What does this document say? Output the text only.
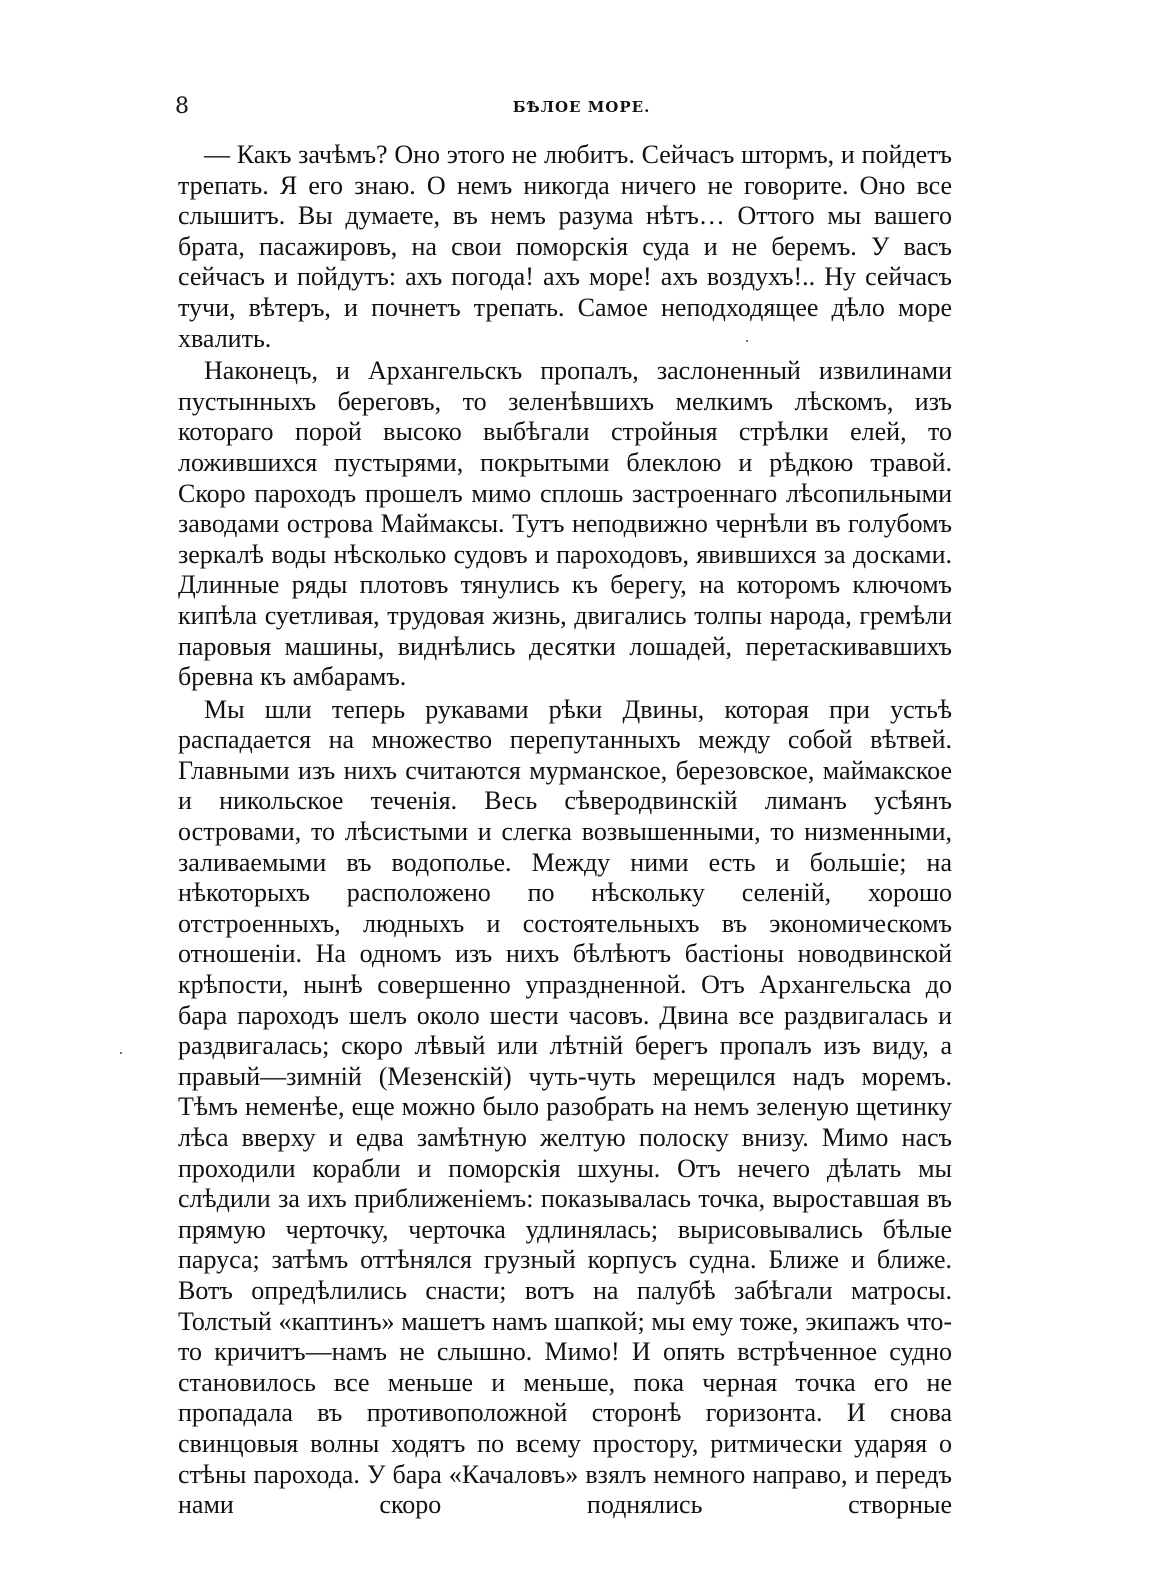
8	БѢЛОЕ МОРЕ.

— Какъ зачѣмъ? Оно этого не любитъ. Сейчасъ штормъ, и пойдетъ трепать. Я его знаю. О немъ никогда ничего не говорите. Оно все слышитъ. Вы думаете, въ немъ разума нѣтъ… Оттого мы вашего брата, пасажировъ, на свои поморскія суда и не беремъ. У васъ сейчасъ и пойдутъ: ахъ погода! ахъ море! ахъ воздухъ!.. Ну сейчасъ тучи, вѣтеръ, и почнетъ трепать. Самое неподходящее дѣло море хвалить.

Наконецъ, и Архангельскъ пропалъ, заслоненный извилинами пустынныхъ береговъ, то зеленѣвшихъ мелкимъ лѣскомъ, изъ котораго порой высоко выбѣгали стройныя стрѣлки елей, то ложившихся пустырями, покрытыми блеклою и рѣдкою травой. Скоро пароходъ прошелъ мимо сплошь застроеннаго лѣсопильными заводами острова Маймаксы. Тутъ неподвижно чернѣли въ голубомъ зеркалѣ воды нѣсколько судовъ и пароходовъ, явившихся за досками. Длинные ряды плотовъ тянулись къ берегу, на которомъ ключомъ кипѣла суетливая, трудовая жизнь, двигались толпы народа, гремѣли паровыя машины, виднѣлись десятки лошадей, перетаскивавшихъ бревна къ амбарамъ.

Мы шли теперь рукавами рѣки Двины, которая при устьѣ распадается на множество перепутанныхъ между собой вѣтвей. Главными изъ нихъ считаются мурманское, березовское, маймакское и никольское теченія. Весь сѣверодвинскій лиманъ усѣянъ островами, то лѣсистыми и слегка возвышенными, то низменными, заливаемыми въ водополье. Между ними есть и большіе; на нѣкоторыхъ расположено по нѣскольку селеній, хорошо отстроенныхъ, людныхъ и состоятельныхъ въ экономическомъ отношеніи. На одномъ изъ нихъ бѣлѣютъ бастіоны новодвинской крѣпости, нынѣ совершенно упраздненной. Отъ Архангельска до бара пароходъ шелъ около шести часовъ. Двина все раздвигалась и раздвигалась; скоро лѣвый или лѣтній берегъ пропалъ изъ виду, а правый—зимній (Мезенскій) чуть-чуть мерещился надъ моремъ. Тѣмъ неменѣе, еще можно было разобрать на немъ зеленую щетинку лѣса вверху и едва замѣтную желтую полоску внизу. Мимо насъ проходили корабли и поморскія шхуны. Отъ нечего дѣлать мы слѣдили за ихъ приближеніемъ: показывалась точка, выроставшая въ прямую черточку, черточка удлинялась; вырисовывались бѣлые паруса; затѣмъ оттѣнялся грузный корпусъ судна. Ближе и ближе. Вотъ опредѣлились снасти; вотъ на палубѣ забѣгали матросы. Толстый «каптинъ» машетъ намъ шапкой; мы ему тоже, экипажъ что-то кричитъ—намъ не слышно. Мимо! И опять встрѣченное судно становилось все меньше и меньше, пока черная точка его не пропадала въ противоположной сторонѣ горизонта. И снова свинцовыя волны ходятъ по всему простору, ритмически ударяя о стѣны парохода. У бара «Качаловъ» взялъ немного направо, и передъ нами скоро поднялись створные
